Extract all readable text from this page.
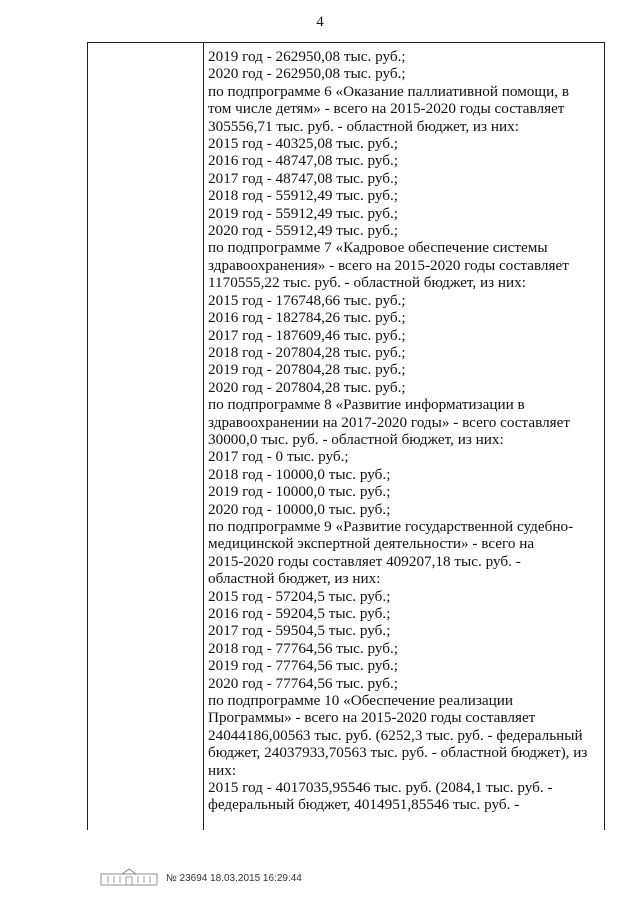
4
2019 год - 262950,08 тыс. руб.;
2020 год - 262950,08 тыс. руб.;
по подпрограмме 6 «Оказание паллиативной помощи, в
том числе детям» - всего на 2015-2020 годы составляет
305556,71 тыс. руб. - областной бюджет, из них:
2015 год - 40325,08 тыс. руб.;
2016 год - 48747,08 тыс. руб.;
2017 год - 48747,08 тыс. руб.;
2018 год - 55912,49 тыс. руб.;
2019 год - 55912,49 тыс. руб.;
2020 год - 55912,49 тыс. руб.;
по подпрограмме 7 «Кадровое обеспечение системы
здравоохранения» - всего на 2015-2020 годы составляет
1170555,22 тыс. руб. - областной бюджет, из них:
2015 год - 176748,66 тыс. руб.;
2016 год - 182784,26 тыс. руб.;
2017 год - 187609,46 тыс. руб.;
2018 год - 207804,28 тыс. руб.;
2019 год - 207804,28 тыс. руб.;
2020 год - 207804,28 тыс. руб.;
по подпрограмме 8 «Развитие информатизации в
здравоохранении на 2017-2020 годы» - всего составляет
30000,0 тыс. руб. - областной бюджет, из них:
2017 год - 0 тыс. руб.;
2018 год - 10000,0 тыс. руб.;
2019 год - 10000,0 тыс. руб.;
2020 год - 10000,0 тыс. руб.;
по подпрограмме 9 «Развитие государственной судебно-
медицинской экспертной деятельности» - всего на
2015-2020 годы составляет 409207,18 тыс. руб. -
областной бюджет, из них:
2015 год - 57204,5 тыс. руб.;
2016 год - 59204,5 тыс. руб.;
2017 год - 59504,5 тыс. руб.;
2018 год - 77764,56 тыс. руб.;
2019 год - 77764,56 тыс. руб.;
2020 год - 77764,56 тыс. руб.;
по подпрограмме 10 «Обеспечение реализации
Программы» - всего на 2015-2020 годы составляет
24044186,00563 тыс. руб. (6252,3 тыс. руб. - федеральный
бюджет, 24037933,70563 тыс. руб. - областной бюджет), из
них:
2015 год - 4017035,95546 тыс. руб. (2084,1 тыс. руб. -
федеральный бюджет, 4014951,85546 тыс. руб. -
№ 23694 18.03.2015 16:29:44
